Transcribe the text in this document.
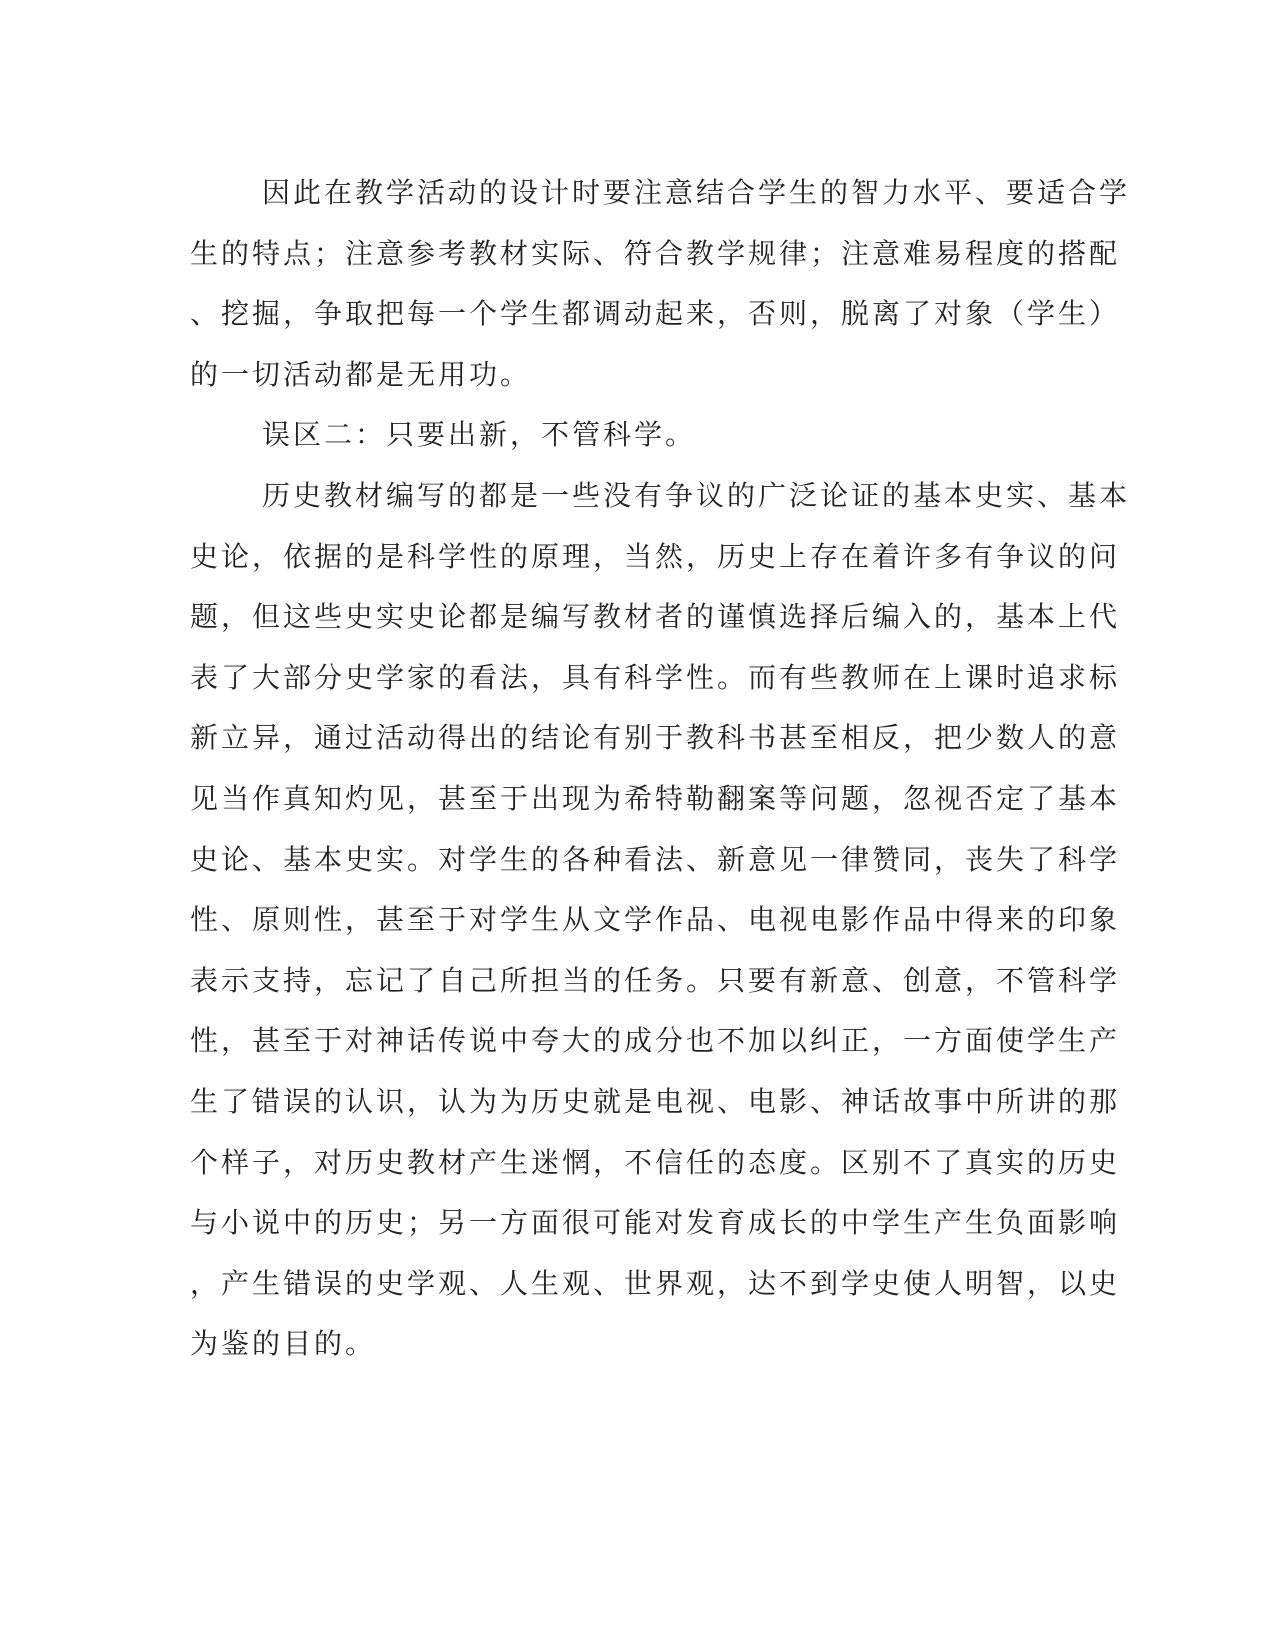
因此在教学活动的设计时要注意结合学生的智力水平、要适合学
生的特点；注意参考教材实际、符合教学规律；注意难易程度的搭配
、挖掘，争取把每一个学生都调动起来，否则，脱离了对象（学生）
的一切活动都是无用功。
误区二：只要出新，不管科学。
历史教材编写的都是一些没有争议的广泛论证的基本史实、基本
史论，依据的是科学性的原理，当然，历史上存在着许多有争议的问
题，但这些史实史论都是编写教材者的谨慎选择后编入的，基本上代
表了大部分史学家的看法，具有科学性。而有些教师在上课时追求标
新立异，通过活动得出的结论有别于教科书甚至相反，把少数人的意
见当作真知灼见，甚至于出现为希特勒翻案等问题，忽视否定了基本
史论、基本史实。对学生的各种看法、新意见一律赞同，丧失了科学
性、原则性，甚至于对学生从文学作品、电视电影作品中得来的印象
表示支持，忘记了自己所担当的任务。只要有新意、创意，不管科学
性，甚至于对神话传说中夸大的成分也不加以纠正，一方面使学生产
生了错误的认识，认为为历史就是电视、电影、神话故事中所讲的那
个样子，对历史教材产生迷惘，不信任的态度。区别不了真实的历史
与小说中的历史；另一方面很可能对发育成长的中学生产生负面影响
，产生错误的史学观、人生观、世界观，达不到学史使人明智，以史
为鉴的目的。
